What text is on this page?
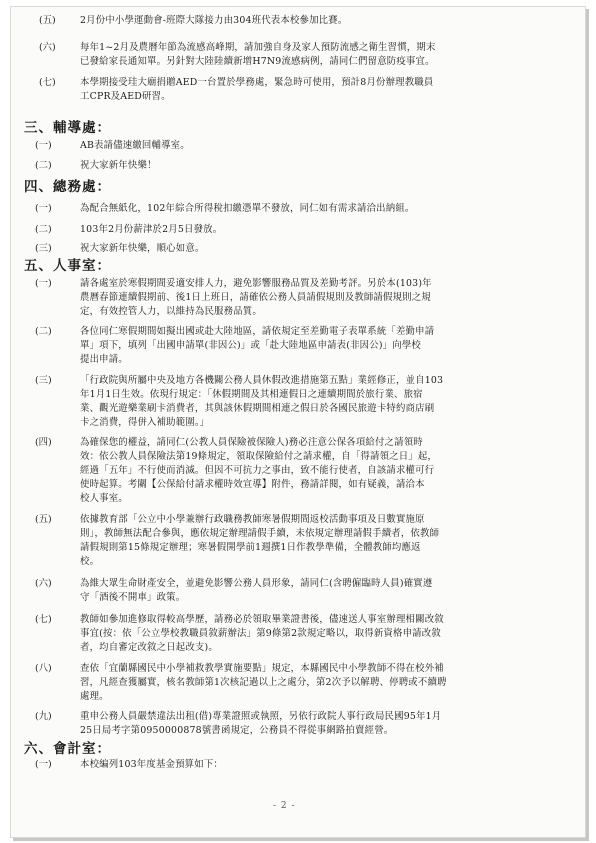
(五)	2月份中小學運動會-班際大隊接力由304班代表本校參加比賽。
(六)	每年1~2月及農曆年節為流感高峰期，請加強自身及家人預防流感之衛生習慣，期末
已發給家長通知單。另針對大陸陸續新增H7N9流感病例，請同仁們留意防疫事宜。
(七)	本學期接受珪大廟捐贈AED一台置於學務處，緊急時可使用，預計8月份辦理教職員
工CPR及AED研習。
三、輔導處：
(一)	AB表請儘速繳回輔導室。
(二)	祝大家新年快樂！
四、總務處：
(一)	為配合無紙化，102年綜合所得稅扣繳憑單不發放，同仁如有需求請洽出納組。
(二)	103年2月份薪津於2月5日發放。
(三)	祝大家新年快樂，順心如意。
五、人事室：
(一)	請各處室於寒假期間妥適安排人力，避免影響服務品質及差勤考評。另於本(103)年
農曆春節連續假期前、後1日上班日，請確依公務人員請假規則及教師請假規則之規
定，有效控管人力，以維持為民服務品質。
(二)	各位同仁寒假期間如擬出國或赴大陸地區，請依規定至差勤電子表單系統「差勤申請
單」項下，填列「出國申請單(非因公)」或「赴大陸地區申請表(非因公)」向學校
提出申請。
(三)	「行政院與所屬中央及地方各機關公務人員休假改進措施第五點」業經修正，並自103
年1月1日生效。依現行規定：「休假期間及其相連假日之連續期間於旅行業、旅宿
業、觀光遊樂業刷卡消費者，其與該休假期間相連之假日於各國民旅遊卡特約商店刷
卡之消費，得併入補助範圍。」
(四)	為確保您的權益，請同仁(公教人員保險被保險人)務必注意公保各項給付之請領時
效：依公教人員保險法第19條規定，領取保險給付之請求權，自「得請領之日」起，
經過「五年」不行使而消滅。但因不可抗力之事由，致不能行使者，自該請求權可行
使時起算。考關【公保給付請求權時效宣導】附件，務請詳閱，如有疑義，請洽本
校人事室。
(五)	依據教育部「公立中小學兼辦行政職務教師寒暑假期間返校活動事項及日數實施原
則」，教師無法配合參與，應依規定辦理請假手續，未依規定辦理請假手續者，依教師
請假規則第15條規定辦理；寒暑假開學前1週撰1日作教學準備，全體教師均應返
校。
(六)	為維大眾生命財產安全，並避免影響公務人員形象，請同仁(含聘僱臨時人員)確實遵
守「酒後不開車」政策。
(七)	教師如參加進修取得較高學歷，請務必於領取畢業證書後，儘速送人事室辦理相關改敘
事宜(按：依「公立學校教職員敘薪辦法」第9條第2款規定略以，取得新資格申請改敘
者，均自審定改敘之日起改支)。
(八)	查依「宜蘭縣國民中小學補救教學實施要點」規定，本縣國民中小學教師不得在校外補
習，凡經查獲屬實，核名教師第1次核記過以上之處分，第2次予以解聘、停聘或不續聘
處理。
(九)	重申公務人員嚴禁違法出租(借)專業證照或執照，另依行政院人事行政局民國95年1月
25日局考字第0950000878號書函規定，公務員不得從事網路拍賣經營。
六、會計室：
(一)	本校編列103年度基金預算如下：
- 2 -
